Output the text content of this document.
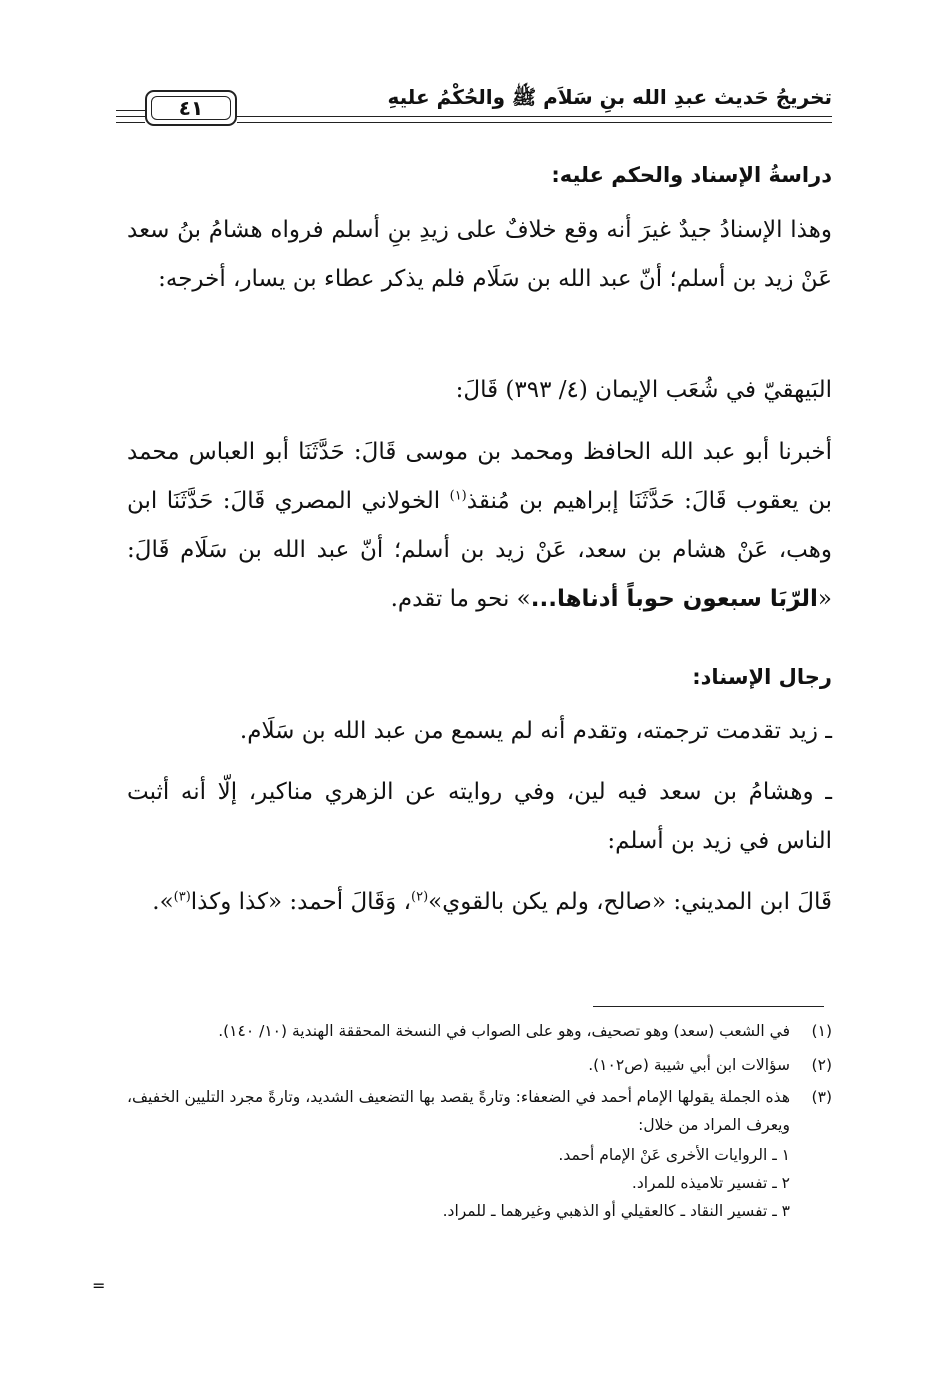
تخريجُ حَديث عبدِ الله بنِ سَلاَم ﷺ والحُكْمُ عليهِ
٤١
دراسةُ الإسناد والحكم عليه:
وهذا الإسنادُ جيدٌ غيرَ أنه وقع خلافٌ على زيدِ بنِ أسلم فرواه هشامُ بنُ سعد عَنْ زيد بن أسلم؛ أنّ عبد الله بن سَلَام فلم يذكر عطاء بن يسار، أخرجه:
البَيهقيّ في شُعَب الإيمان (٤/ ٣٩٣) قَالَ:
أخبرنا أبو عبد الله الحافظ ومحمد بن موسى قَالَ: حَدَّثَنَا أبو العباس محمد بن يعقوب قَالَ: حَدَّثَنَا إبراهيم بن مُنقذ$^{(١)}$ الخولاني المصري قَالَ: حَدَّثَنَا ابن وهب، عَنْ هشام بن سعد، عَنْ زيد بن أسلم؛ أنّ عبد الله بن سَلَام قَالَ: «الرّبَا سبعون حوباً أدناها...» نحو ما تقدم.
رجال الإسناد:
ـ زيد تقدمت ترجمته، وتقدم أنه لم يسمع من عبد الله بن سَلَام.
ـ وهشامُ بن سعد فيه لين، وفي روايته عن الزهري مناكير، إلّا أنه أثبت الناس في زيد بن أسلم:
قَالَ ابن المديني: «صالح، ولم يكن بالقوي»$^{(٢)}$، وَقَالَ أحمد: «كذا وكذا$^{(٣)}$».
(١)
في الشعب (سعد) وهو تصحيف، وهو على الصواب في النسخة المحققة الهندية (١٠/ ١٤٠).
(٢)
سؤالات ابن أبي شيبة (ص١٠٢).
(٣)
هذه الجملة يقولها الإمام أحمد في الضعفاء: وتارةً يقصد بها التضعيف الشديد، وتارةً مجرد التليين الخفيف، ويعرف المراد من خلال:
١ ـ الروايات الأخرى عَنْ الإمام أحمد.
٢ ـ تفسير تلاميذه للمراد.
٣ ـ تفسير النقاد ـ كالعقيلي أو الذهبي وغيرهما ـ للمراد.
=
